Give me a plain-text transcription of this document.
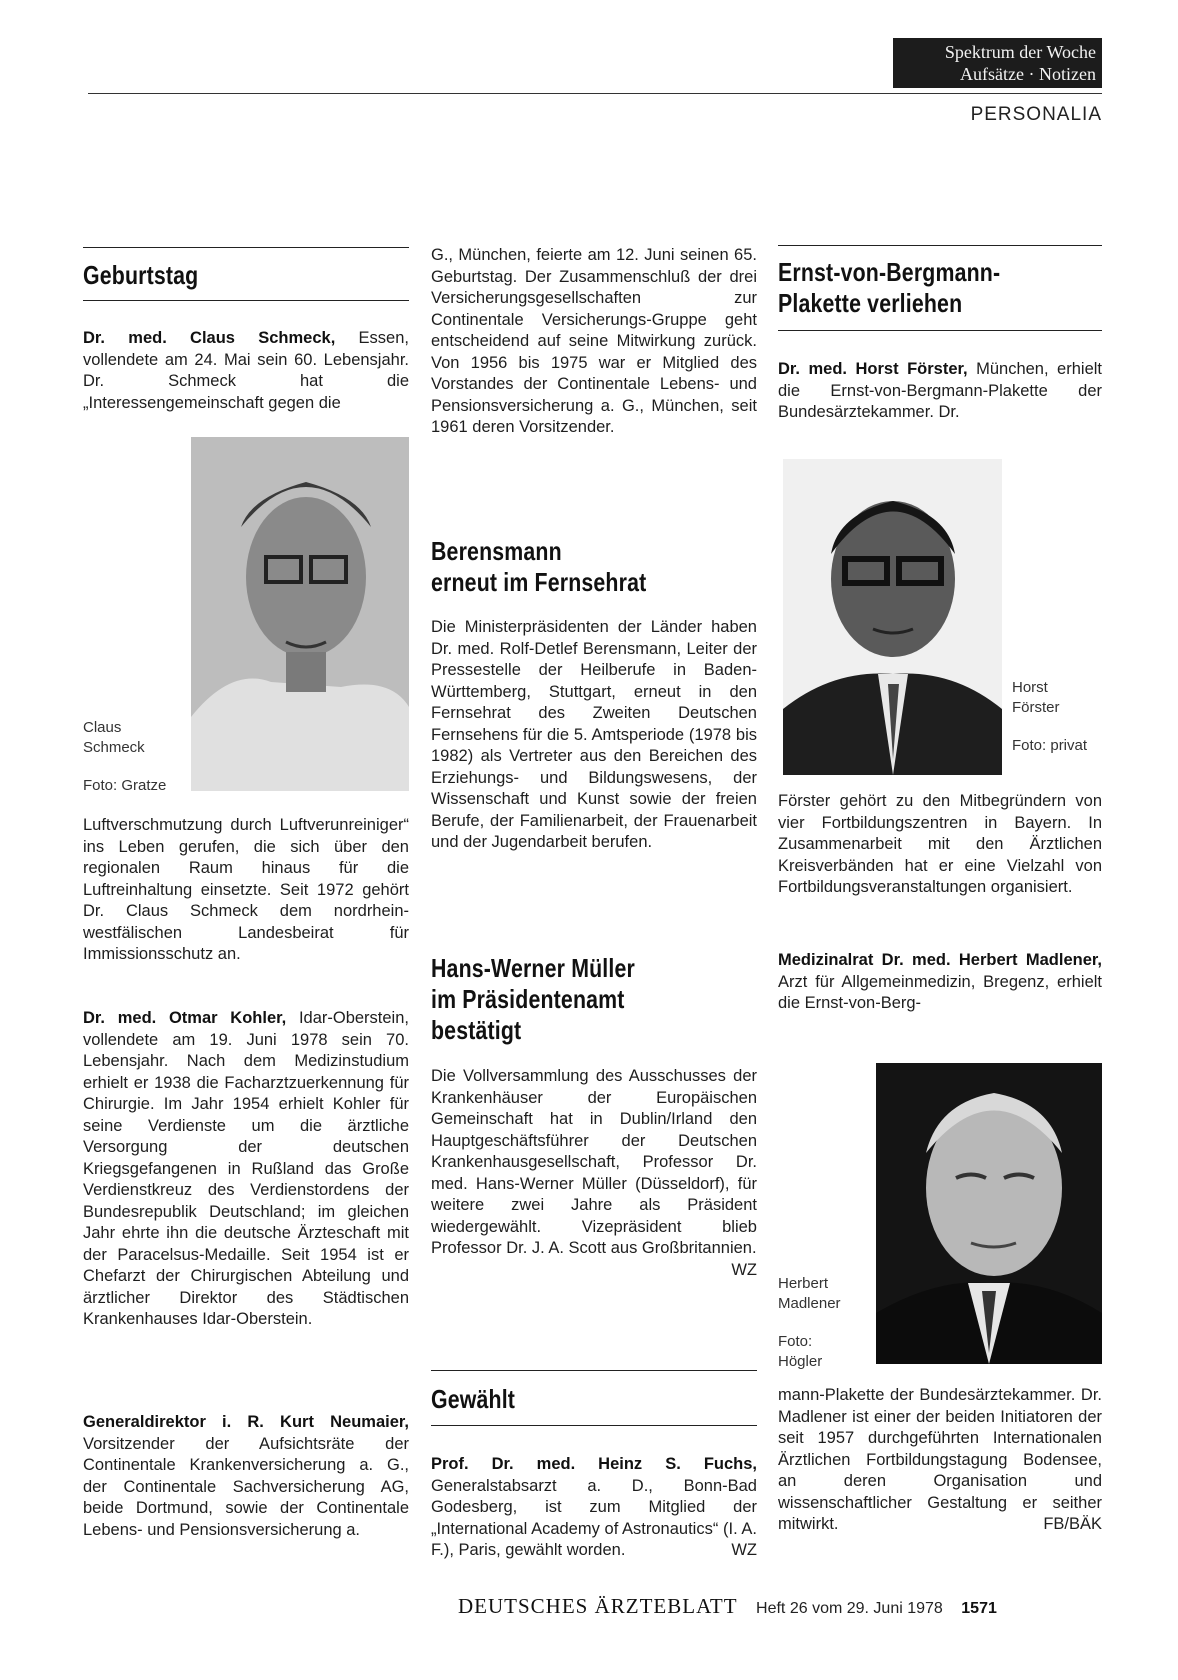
Spektrum der Woche
Aufsätze · Notizen
PERSONALIA
Geburtstag
Dr. med. Claus Schmeck, Essen, vollendete am 24. Mai sein 60. Lebensjahr. Dr. Schmeck hat die „Interessengemeinschaft gegen die
Claus
Schmeck
Foto: Gratze
Luftverschmutzung durch Luftverunreiniger“ ins Leben gerufen, die sich über den regionalen Raum hinaus für die Luftreinhaltung einsetzte. Seit 1972 gehört Dr. Claus Schmeck dem nordrhein-westfälischen Landesbeirat für Immissionsschutz an.
Dr. med. Otmar Kohler, Idar-Oberstein, vollendete am 19. Juni 1978 sein 70. Lebensjahr. Nach dem Medizinstudium erhielt er 1938 die Facharztzuerkennung für Chirurgie. Im Jahr 1954 erhielt Kohler für seine Verdienste um die ärztliche Versorgung der deutschen Kriegsgefangenen in Rußland das Große Verdienstkreuz des Verdienstordens der Bundesrepublik Deutschland; im gleichen Jahr ehrte ihn die deutsche Ärzteschaft mit der Paracelsus-Medaille. Seit 1954 ist er Chefarzt der Chirurgischen Abteilung und ärztlicher Direktor des Städtischen Krankenhauses Idar-Oberstein.
Generaldirektor i. R. Kurt Neumaier, Vorsitzender der Aufsichtsräte der Continentale Krankenversicherung a. G., der Continentale Sachversicherung AG, beide Dortmund, sowie der Continentale Lebens- und Pensionsversicherung a.
G., München, feierte am 12. Juni seinen 65. Geburtstag. Der Zusammenschluß der drei Versicherungsgesellschaften zur Continentale Versicherungs-Gruppe geht entscheidend auf seine Mitwirkung zurück. Von 1956 bis 1975 war er Mitglied des Vorstandes der Continentale Lebens- und Pensionsversicherung a. G., München, seit 1961 deren Vorsitzender.
Berensmann
erneut im Fernsehrat
Die Ministerpräsidenten der Länder haben Dr. med. Rolf-Detlef Berensmann, Leiter der Pressestelle der Heilberufe in Baden-Württemberg, Stuttgart, erneut in den Fernsehrat des Zweiten Deutschen Fernsehens für die 5. Amtsperiode (1978 bis 1982) als Vertreter aus den Bereichen des Erziehungs- und Bildungswesens, der Wissenschaft und Kunst sowie der freien Berufe, der Familienarbeit, der Frauenarbeit und der Jugendarbeit berufen.
Hans-Werner Müller
im Präsidentenamt
bestätigt
Die Vollversammlung des Ausschusses der Krankenhäuser der Europäischen Gemeinschaft hat in Dublin/Irland den Hauptgeschäftsführer der Deutschen Krankenhausgesellschaft, Professor Dr. med. Hans-Werner Müller (Düsseldorf), für weitere zwei Jahre als Präsident wiedergewählt. Vizepräsident blieb Professor Dr. J. A. Scott aus Großbritannien.
WZ
Gewählt
Prof. Dr. med. Heinz S. Fuchs, Generalstabsarzt a. D., Bonn-Bad Godesberg, ist zum Mitglied der „International Academy of Astronautics“ (I. A. F.), Paris, gewählt worden.	WZ
Ernst-von-Bergmann-
Plakette verliehen
Dr. med. Horst Förster, München, erhielt die Ernst-von-Bergmann-Plakette der Bundesärztekammer. Dr.
Horst
Förster
Foto: privat
Förster gehört zu den Mitbegründern von vier Fortbildungszentren in Bayern. In Zusammenarbeit mit den Ärztlichen Kreisverbänden hat er eine Vielzahl von Fortbildungsveranstaltungen organisiert.
Medizinalrat Dr. med. Herbert Madlener, Arzt für Allgemeinmedizin, Bregenz, erhielt die Ernst-von-Berg-
Herbert
Madlener
Foto:
Högler
mann-Plakette der Bundesärztekammer. Dr. Madlener ist einer der beiden Initiatoren der seit 1957 durchgeführten Internationalen Ärztlichen Fortbildungstagung Bodensee, an deren Organisation und wissenschaftlicher Gestaltung er seither mitwirkt.	FB/BÄK
DEUTSCHES ÄRZTEBLATT Heft 26 vom 29. Juni 1978 1571
